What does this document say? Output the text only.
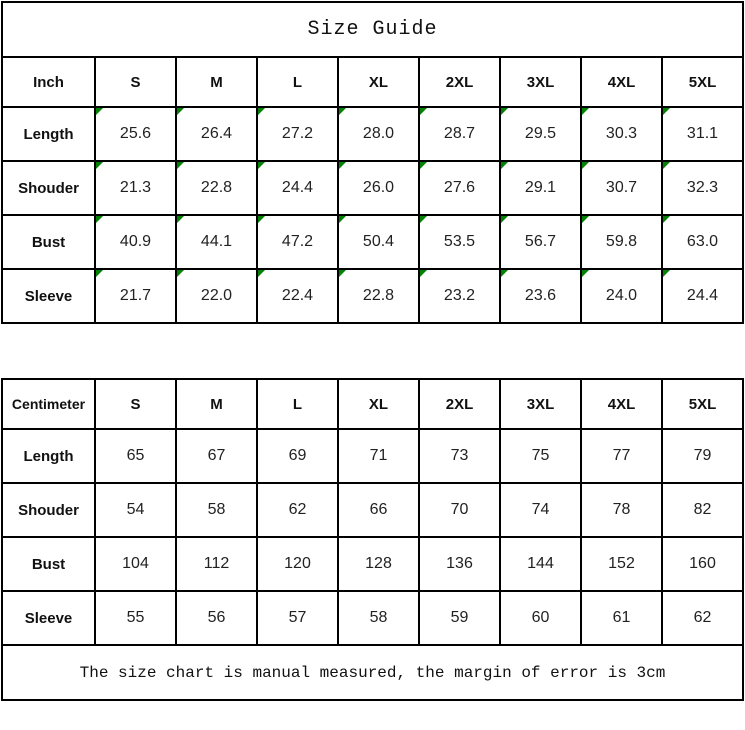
Size Guide								
Inch	S	M	L	XL	2XL	3XL	4XL	5XL
Length	25.6	26.4	27.2	28.0	28.7	29.5	30.3	31.1
Shouder	21.3	22.8	24.4	26.0	27.6	29.1	30.7	32.3
Bust	40.9	44.1	47.2	50.4	53.5	56.7	59.8	63.0
Sleeve	21.7	22.0	22.4	22.8	23.2	23.6	24.0	24.4
Centimeter	S	M	L	XL	2XL	3XL	4XL	5XL
Length	65	67	69	71	73	75	77	79
Shouder	54	58	62	66	70	74	78	82
Bust	104	112	120	128	136	144	152	160
Sleeve	55	56	57	58	59	60	61	62
The size chart is manual measured, the margin of error is 3cm								
